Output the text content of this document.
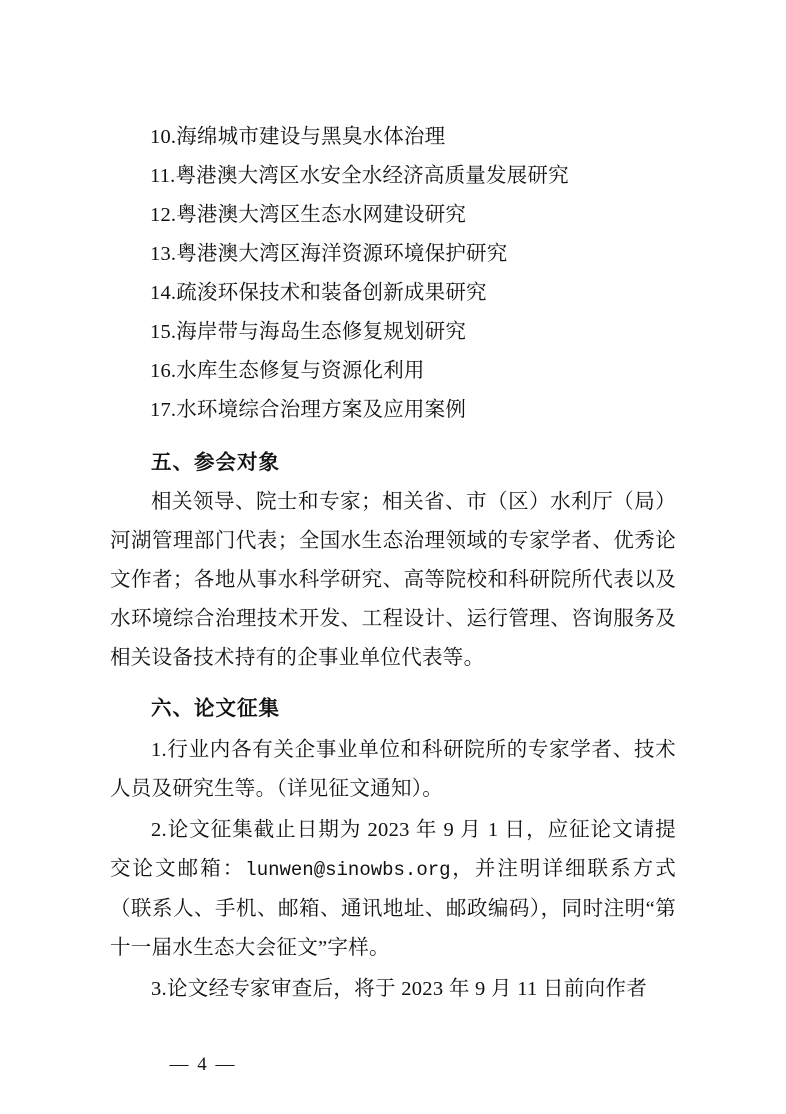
10.海绵城市建设与黑臭水体治理

11.粤港澳大湾区水安全水经济高质量发展研究

12.粤港澳大湾区生态水网建设研究

13.粤港澳大湾区海洋资源环境保护研究

14.疏浚环保技术和装备创新成果研究

15.海岸带与海岛生态修复规划研究

16.水库生态修复与资源化利用

17.水环境综合治理方案及应用案例

五、参会对象

相关领导、院士和专家；相关省、市（区）水利厅（局）河湖管理部门代表；全国水生态治理领域的专家学者、优秀论文作者；各地从事水科学研究、高等院校和科研院所代表以及水环境综合治理技术开发、工程设计、运行管理、咨询服务及相关设备技术持有的企事业单位代表等。

六、论文征集

1.行业内各有关企事业单位和科研院所的专家学者、技术人员及研究生等。（详见征文通知）。

2.论文征集截止日期为 2023 年 9 月 1 日，应征论文请提交论文邮箱：lunwen@sinowbs.org，并注明详细联系方式（联系人、手机、邮箱、通讯地址、邮政编码），同时注明“第十一届水生态大会征文”字样。

3.论文经专家审查后，将于 2023 年 9 月 11 日前向作者

— 4 —
